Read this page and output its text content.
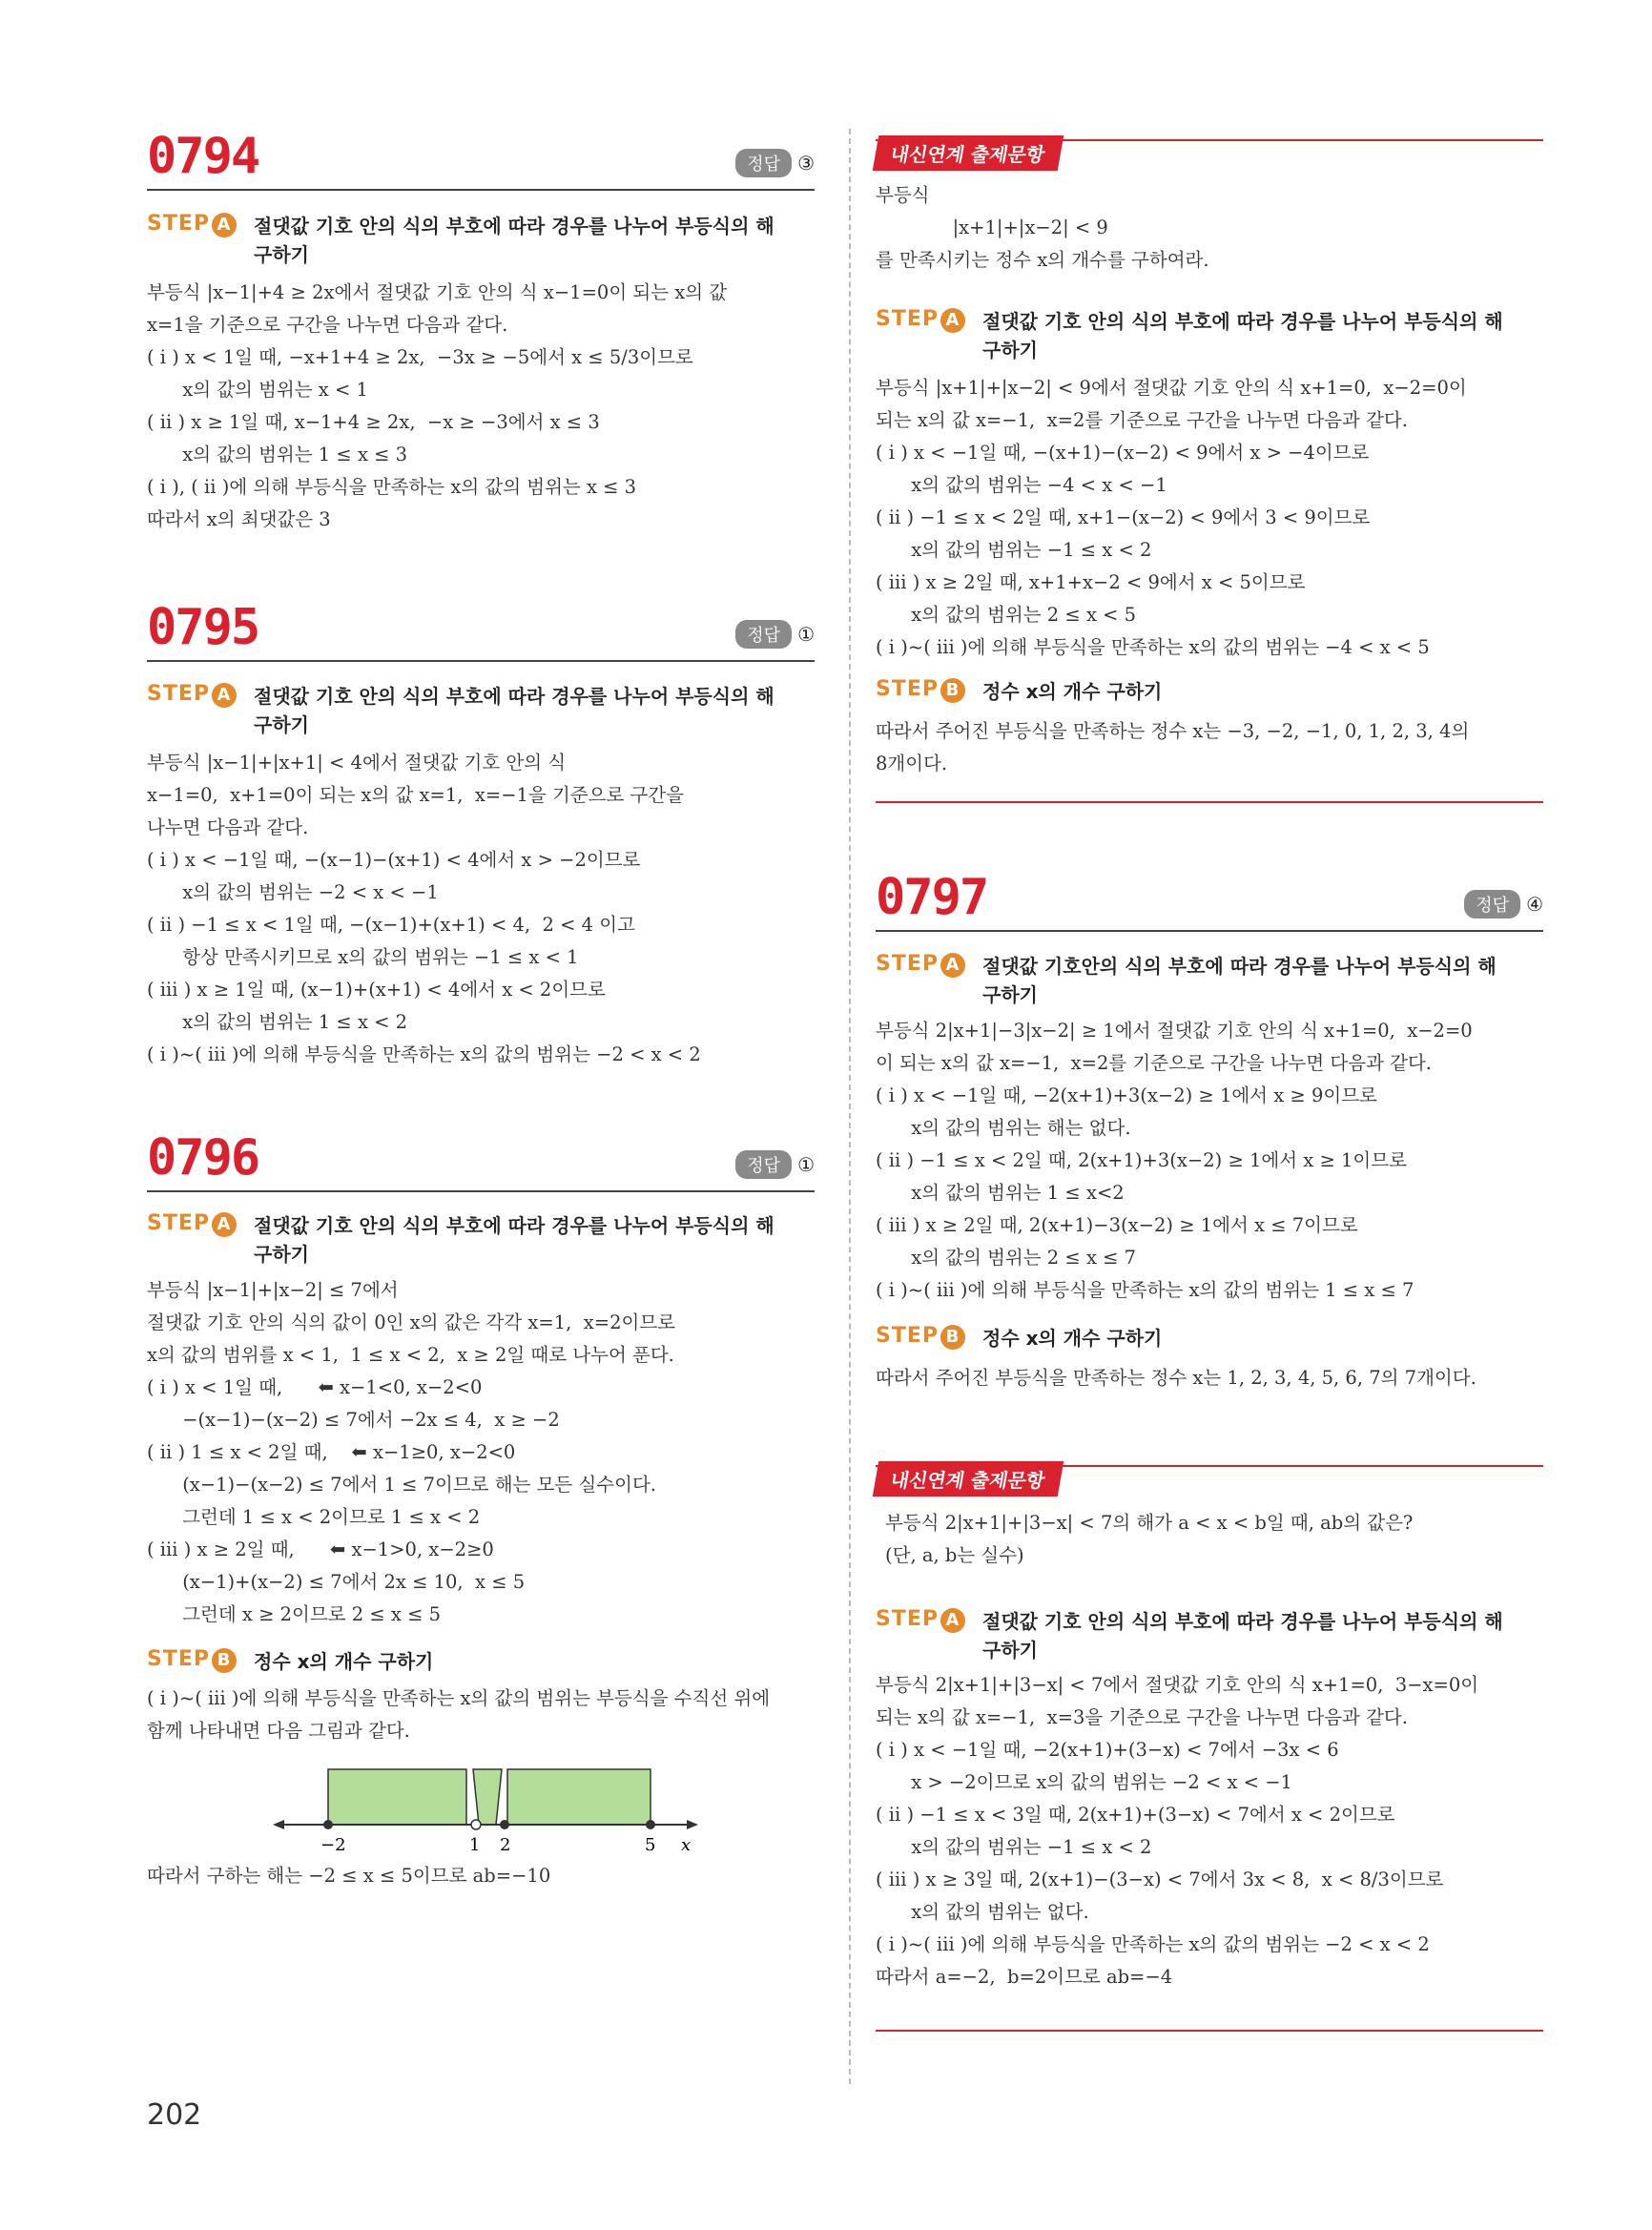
0794	정답 ③
STEP A 절댓값 기호 안의 식의 부호에 따라 경우를 나누어 부등식의 해
구하기
부등식 |x−1|+4 ≥ 2x에서 절댓값 기호 안의 식 x−1=0이 되는 x의 값
x=1을 기준으로 구간을 나누면 다음과 같다.
( i ) x < 1일 때, −x+1+4 ≥ 2x,  −3x ≥ −5에서 x ≤ 5/3이므로
x의 값의 범위는 x < 1
( ii ) x ≥ 1일 때, x−1+4 ≥ 2x,  −x ≥ −3에서 x ≤ 3
x의 값의 범위는 1 ≤ x ≤ 3
( i ), ( ii )에 의해 부등식을 만족하는 x의 값의 범위는 x ≤ 3
따라서 x의 최댓값은 3
0795	정답 ①
STEP A 절댓값 기호 안의 식의 부호에 따라 경우를 나누어 부등식의 해
구하기
부등식 |x−1|+|x+1| < 4에서 절댓값 기호 안의 식
x−1=0,  x+1=0이 되는 x의 값 x=1,  x=−1을 기준으로 구간을
나누면 다음과 같다.
( i ) x < −1일 때, −(x−1)−(x+1) < 4에서 x > −2이므로
x의 값의 범위는 −2 < x < −1
( ii ) −1 ≤ x < 1일 때, −(x−1)+(x+1) < 4,  2 < 4 이고
항상 만족시키므로 x의 값의 범위는 −1 ≤ x < 1
( iii ) x ≥ 1일 때, (x−1)+(x+1) < 4에서 x < 2이므로
x의 값의 범위는 1 ≤ x < 2
( i )~( iii )에 의해 부등식을 만족하는 x의 값의 범위는 −2 < x < 2
0796	정답 ①
STEP A 절댓값 기호 안의 식의 부호에 따라 경우를 나누어 부등식의 해
구하기
부등식 |x−1|+|x−2| ≤ 7에서
절댓값 기호 안의 식의 값이 0인 x의 값은 각각 x=1,  x=2이므로
x의 값의 범위를 x < 1,  1 ≤ x < 2,  x ≥ 2일 때로 나누어 푼다.
( i ) x < 1일 때,      ⬅ x−1<0, x−2<0
−(x−1)−(x−2) ≤ 7에서 −2x ≤ 4,  x ≥ −2
( ii ) 1 ≤ x < 2일 때,    ⬅ x−1≥0, x−2<0
(x−1)−(x−2) ≤ 7에서 1 ≤ 7이므로 해는 모든 실수이다.
그런데 1 ≤ x < 2이므로 1 ≤ x < 2
( iii ) x ≥ 2일 때,      ⬅ x−1>0, x−2≥0
(x−1)+(x−2) ≤ 7에서 2x ≤ 10,  x ≤ 5
그런데 x ≥ 2이므로 2 ≤ x ≤ 5
STEP B 정수 x의 개수 구하기
( i )~( iii )에 의해 부등식을 만족하는 x의 값의 범위는 부등식을 수직선 위에
함께 나타내면 다음 그림과 같다.
−2	1 2	5 x
따라서 구하는 해는 −2 ≤ x ≤ 5이므로 ab=−10
내신연계 출제문항
부등식
|x+1|+|x−2| < 9
를 만족시키는 정수 x의 개수를 구하여라.
STEP A 절댓값 기호 안의 식의 부호에 따라 경우를 나누어 부등식의 해
구하기
부등식 |x+1|+|x−2| < 9에서 절댓값 기호 안의 식 x+1=0,  x−2=0이
되는 x의 값 x=−1,  x=2를 기준으로 구간을 나누면 다음과 같다.
( i ) x < −1일 때, −(x+1)−(x−2) < 9에서 x > −4이므로
x의 값의 범위는 −4 < x < −1
( ii ) −1 ≤ x < 2일 때, x+1−(x−2) < 9에서 3 < 9이므로
x의 값의 범위는 −1 ≤ x < 2
( iii ) x ≥ 2일 때, x+1+x−2 < 9에서 x < 5이므로
x의 값의 범위는 2 ≤ x < 5
( i )~( iii )에 의해 부등식을 만족하는 x의 값의 범위는 −4 < x < 5
STEP B 정수 x의 개수 구하기
따라서 주어진 부등식을 만족하는 정수 x는 −3, −2, −1, 0, 1, 2, 3, 4의
8개이다.
0797	정답 ④
STEP A 절댓값 기호안의 식의 부호에 따라 경우를 나누어 부등식의 해
구하기
부등식 2|x+1|−3|x−2| ≥ 1에서 절댓값 기호 안의 식 x+1=0,  x−2=0
이 되는 x의 값 x=−1,  x=2를 기준으로 구간을 나누면 다음과 같다.
( i ) x < −1일 때, −2(x+1)+3(x−2) ≥ 1에서 x ≥ 9이므로
x의 값의 범위는 해는 없다.
( ii ) −1 ≤ x < 2일 때, 2(x+1)+3(x−2) ≥ 1에서 x ≥ 1이므로
x의 값의 범위는 1 ≤ x<2
( iii ) x ≥ 2일 때, 2(x+1)−3(x−2) ≥ 1에서 x ≤ 7이므로
x의 값의 범위는 2 ≤ x ≤ 7
( i )~( iii )에 의해 부등식을 만족하는 x의 값의 범위는 1 ≤ x ≤ 7
STEP B 정수 x의 개수 구하기
따라서 주어진 부등식을 만족하는 정수 x는 1, 2, 3, 4, 5, 6, 7의 7개이다.
내신연계 출제문항
부등식 2|x+1|+|3−x| < 7의 해가 a < x < b일 때, ab의 값은?
(단, a, b는 실수)
STEP A 절댓값 기호 안의 식의 부호에 따라 경우를 나누어 부등식의 해
구하기
부등식 2|x+1|+|3−x| < 7에서 절댓값 기호 안의 식 x+1=0,  3−x=0이
되는 x의 값 x=−1,  x=3을 기준으로 구간을 나누면 다음과 같다.
( i ) x < −1일 때, −2(x+1)+(3−x) < 7에서 −3x < 6
x > −2이므로 x의 값의 범위는 −2 < x < −1
( ii ) −1 ≤ x < 3일 때, 2(x+1)+(3−x) < 7에서 x < 2이므로
x의 값의 범위는 −1 ≤ x < 2
( iii ) x ≥ 3일 때, 2(x+1)−(3−x) < 7에서 3x < 8,  x < 8/3이므로
x의 값의 범위는 없다.
( i )~( iii )에 의해 부등식을 만족하는 x의 값의 범위는 −2 < x < 2
따라서 a=−2,  b=2이므로 ab=−4
202
